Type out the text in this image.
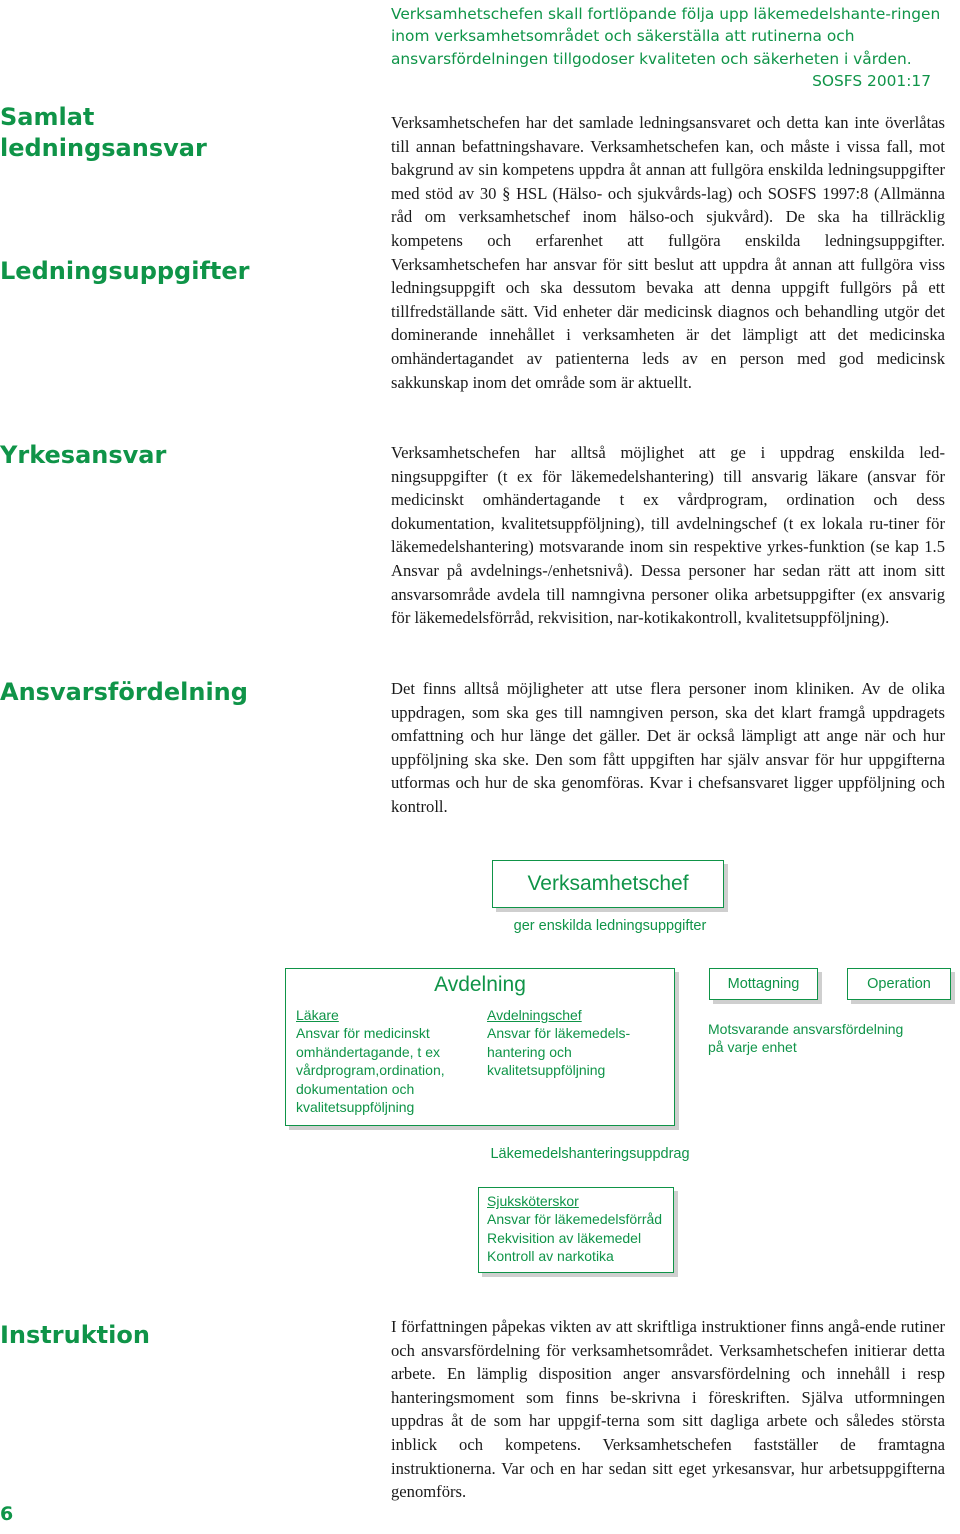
Verksamhetschefen skall fortlöpande följa upp läkemedelshante-ringen inom verksamhetsområdet och säkerställa att rutinerna och ansvarsfördelningen tillgodoser kvaliteten och säkerheten i vården.
SOSFS 2001:17
Samlat ledningsansvar
Ledningsuppgifter
Yrkesansvar
Ansvarsfördelning
Instruktion

Verksamhetschefen har det samlade ledningsansvaret och detta kan inte överlåtas till annan befattningshavare. Verksamhetschefen kan, och måste i vissa fall, mot bakgrund av sin kompetens uppdra åt annan att fullgöra enskilda ledningsuppgifter med stöd av 30 § HSL (Hälso- och sjukvårds-lag) och SOSFS 1997:8 (Allmänna råd om verksamhetschef inom hälso-och sjukvård). De ska ha tillräcklig kompetens och erfarenhet att fullgöra enskilda ledningsuppgifter. Verksamhetschefen har ansvar för sitt beslut att uppdra åt annan att fullgöra viss ledningsuppgift och ska dessutom bevaka att denna uppgift fullgörs på ett tillfredställande sätt. Vid enheter där medicinsk diagnos och behandling utgör det dominerande innehållet i verksamheten är det lämpligt att det medicinska omhändertagandet av patienterna leds av en person med god medicinsk sakkunskap inom det område som är aktuellt.

Verksamhetschefen har alltså möjlighet att ge i uppdrag enskilda led-ningsuppgifter (t ex för läkemedelshantering) till ansvarig läkare (ansvar för medicinskt omhändertagande t ex vårdprogram, ordination och dess dokumentation, kvalitetsuppföljning), till avdelningschef (t ex lokala ru-tiner för läkemedelshantering) motsvarande inom sin respektive yrkes-funktion (se kap 1.5 Ansvar på avdelnings-/enhetsnivå). Dessa personer har sedan rätt att inom sitt ansvarsområde avdela till namngivna personer olika arbetsuppgifter (ex ansvarig för läkemedelsförråd, rekvisition, nar-kotikakontroll, kvalitetsuppföljning).

Det finns alltså möjligheter att utse flera personer inom kliniken. Av de olika uppdragen, som ska ges till namngiven person, ska det klart framgå uppdragets omfattning och hur länge det gäller. Det är också lämpligt att ange när och hur uppföljning ska ske. Den som fått uppgiften har själv ansvar för hur uppgifterna utformas och hur de ska genomföras. Kvar i chefsansvaret ligger uppföljning och kontroll.

I författningen påpekas vikten av att skriftliga instruktioner finns angå-ende rutiner och ansvarsfördelning för verksamhetsområdet. Verksamhetschefen initierar detta arbete. En lämplig disposition anger ansvarsfördelning och innehåll i resp hanteringsmoment som finns be-skrivna i föreskriften. Själva utformningen uppdras åt de som har uppgif-terna som sitt dagliga arbete och således största inblick och kompetens. Verksamhetschefen fastställer de framtagna instruktionerna. Var och en har sedan sitt eget yrkesansvar, hur arbetsuppgifterna genomförs.

Verksamhetschef
ger enskilda ledningsuppgifter
Avdelning
Läkare
Ansvar för medicinskt
omhändertagande, t ex
vårdprogram,ordination,
dokumentation och
kvalitetsuppföljning
Avdelningschef
Ansvar för läkemedels-
hantering och
kvalitetsuppföljning
Mottagning	Operation
Motsvarande ansvarsfördelning
på varje enhet
Läkemedelshanteringsuppdrag
Sjuksköterskor
Ansvar för läkemedelsförråd
Rekvisition av läkemedel
Kontroll av narkotika
6
